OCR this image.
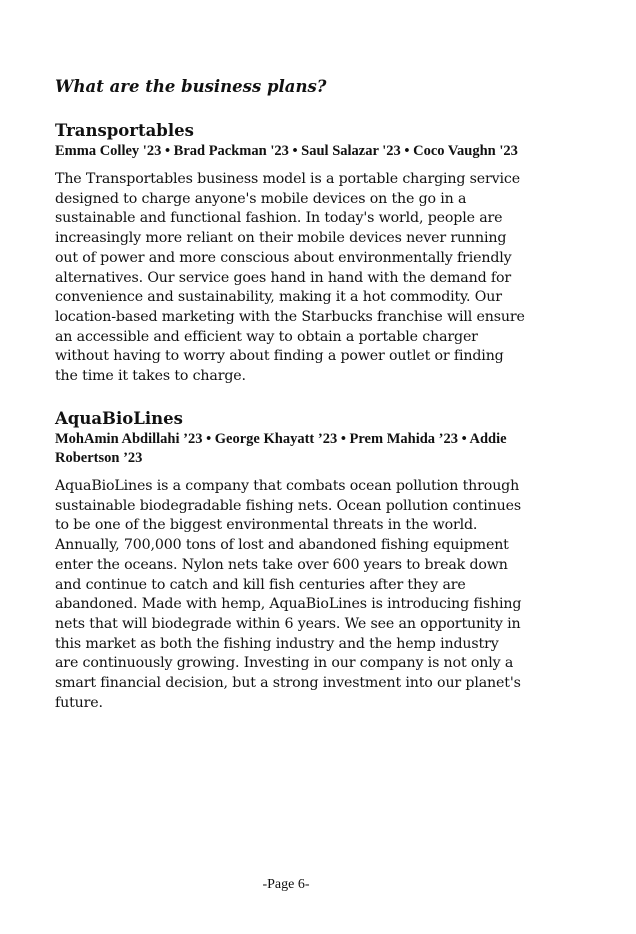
What are the business plans?
Transportables

Emma Colley '23 • Brad Packman '23 • Saul Salazar '23 • Coco Vaughn '23

The Transportables business model is a portable charging service designed to charge anyone's mobile devices on the go in a sustainable and functional fashion. In today's world, people are increasingly more reliant on their mobile devices never running out of power and more conscious about environmentally friendly alternatives. Our service goes hand in hand with the demand for convenience and sustainability, making it a hot commodity. Our location-based marketing with the Starbucks franchise will ensure an accessible and efficient way to obtain a portable charger without having to worry about finding a power outlet or finding the time it takes to charge.

AquaBioLines

MohAmin Abdillahi ’23 • George Khayatt ’23 • Prem Mahida ’23 • Addie Robertson ’23

AquaBioLines is a company that combats ocean pollution through sustainable biodegradable fishing nets. Ocean pollution continues to be one of the biggest environmental threats in the world. Annually, 700,000 tons of lost and abandoned fishing equipment enter the oceans. Nylon nets take over 600 years to break down and continue to catch and kill fish centuries after they are abandoned. Made with hemp, AquaBioLines is introducing fishing nets that will biodegrade within 6 years. We see an opportunity in this market as both the fishing industry and the hemp industry are continuously growing. Investing in our company is not only a smart financial decision, but a strong investment into our planet's future.

-Page 6-
